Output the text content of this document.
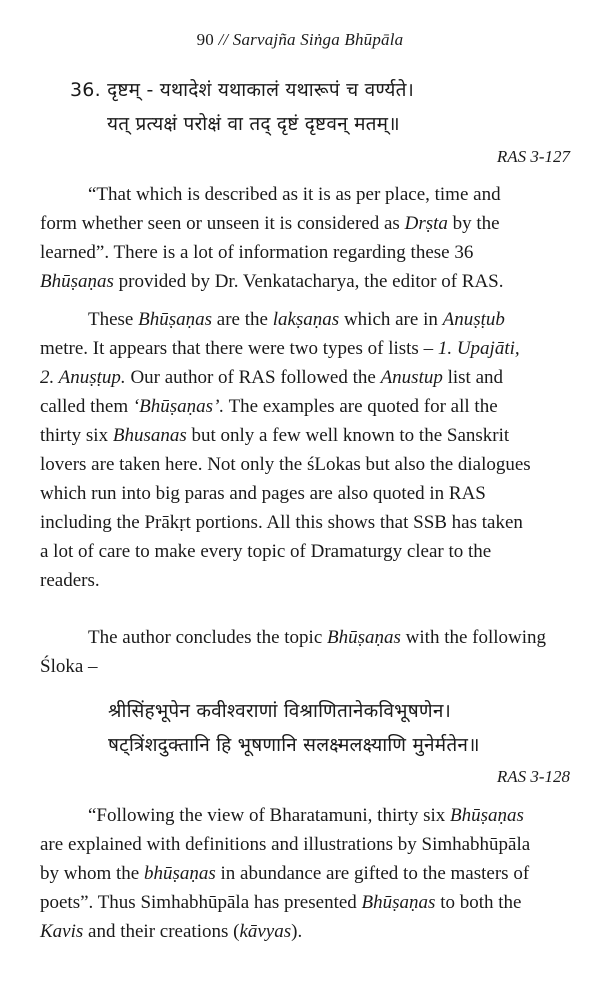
90 // Sarvajña Siṅga Bhūpāla
36. दृष्टम् - यथादेशं यथाकालं यथारूपं च वर्ण्यते।
यत् प्रत्यक्षं परोक्षं वा तद् दृष्टं दृष्टवन् मतम्॥
RAS 3-127
“That which is described as it is as per place, time and
form whether seen or unseen it is considered as Drṣta by the
learned”. There is a lot of information regarding these 36
Bhūṣaṇas provided by Dr. Venkatacharya, the editor of RAS.
These Bhūṣaṇas are the lakṣaṇas which are in Anuṣṭub
metre. It appears that there were two types of lists – 1. Upajāti,
2. Anuṣṭup. Our author of RAS followed the Anustup list and
called them ‘Bhūṣaṇas’. The examples are quoted for all the
thirty six Bhusanas but only a few well known to the Sanskrit
lovers are taken here. Not only the śLokas but also the dialogues
which run into big paras and pages are also quoted in RAS
including the Prākṛt portions. All this shows that SSB has taken
a lot of care to make every topic of Dramaturgy clear to the
readers.
The author concludes the topic Bhūṣaṇas with the following
Śloka –
श्रीसिंहभूपेन कवीश्वराणां विश्राणितानेकविभूषणेन।
षट्त्रिंशदुक्तानि हि भूषणानि सलक्ष्मलक्ष्याणि मुनेर्मतेन॥
RAS 3-128
“Following the view of Bharatamuni, thirty six Bhūṣaṇas
are explained with definitions and illustrations by Simhabhūpāla
by whom the bhūṣaṇas in abundance are gifted to the masters of
poets”. Thus Simhabhūpāla has presented Bhūṣaṇas to both the
Kavis and their creations (kāvyas).
